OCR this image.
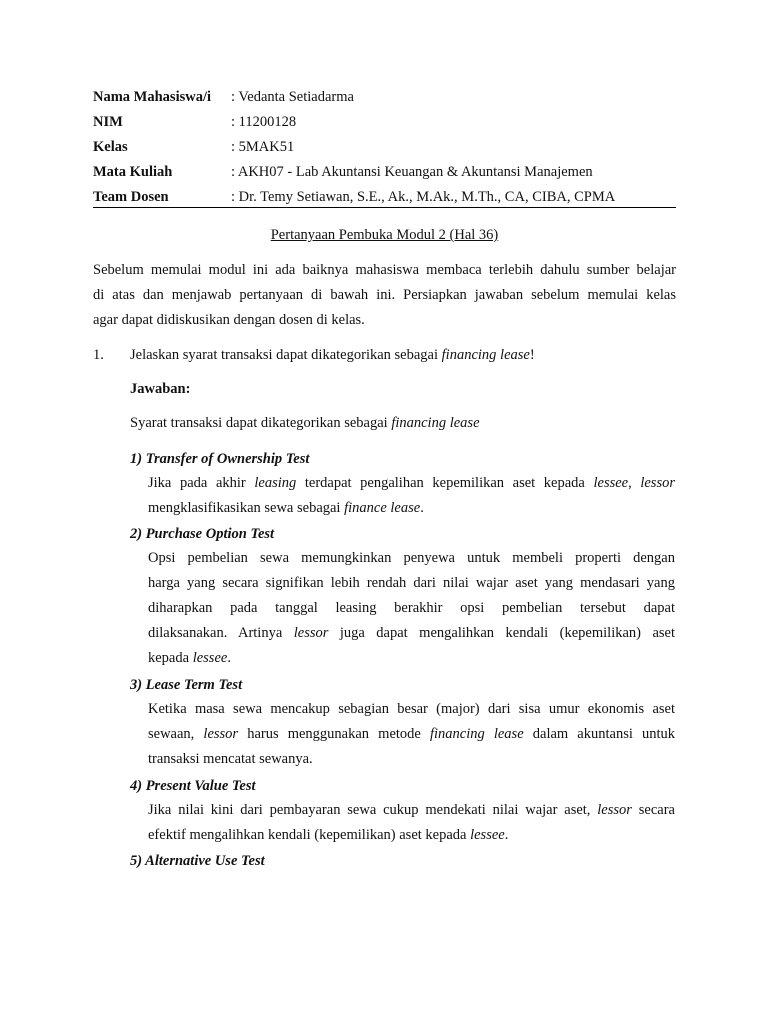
Nama Mahasiswa/i	: Vedanta Setiadarma
NIM	: 11200128
Kelas	: 5MAK51
Mata Kuliah	: AKH07 - Lab Akuntansi Keuangan & Akuntansi Manajemen
Team Dosen	: Dr. Temy Setiawan, S.E., Ak., M.Ak., M.Th., CA, CIBA, CPMA
Pertanyaan Pembuka Modul 2 (Hal 36)
Sebelum memulai modul ini ada baiknya mahasiswa membaca terlebih dahulu sumber belajar
di atas dan menjawab pertanyaan di bawah ini. Persiapkan jawaban sebelum memulai kelas
agar dapat didiskusikan dengan dosen di kelas.
1. Jelaskan syarat transaksi dapat dikategorikan sebagai financing lease!
Jawaban:
Syarat transaksi dapat dikategorikan sebagai financing lease
1) Transfer of Ownership Test
Jika pada akhir leasing terdapat pengalihan kepemilikan aset kepada lessee, lessor
mengklasifikasikan sewa sebagai finance lease.
2) Purchase Option Test
Opsi pembelian sewa memungkinkan penyewa untuk membeli properti dengan
harga yang secara signifikan lebih rendah dari nilai wajar aset yang mendasari yang
diharapkan pada tanggal leasing berakhir opsi pembelian tersebut dapat
dilaksanakan. Artinya lessor juga dapat mengalihkan kendali (kepemilikan) aset
kepada lessee.
3) Lease Term Test
Ketika masa sewa mencakup sebagian besar (major) dari sisa umur ekonomis aset
sewaan, lessor harus menggunakan metode financing lease dalam akuntansi untuk
transaksi mencatat sewanya.
4) Present Value Test
Jika nilai kini dari pembayaran sewa cukup mendekati nilai wajar aset, lessor secara
efektif mengalihkan kendali (kepemilikan) aset kepada lessee.
5) Alternative Use Test
